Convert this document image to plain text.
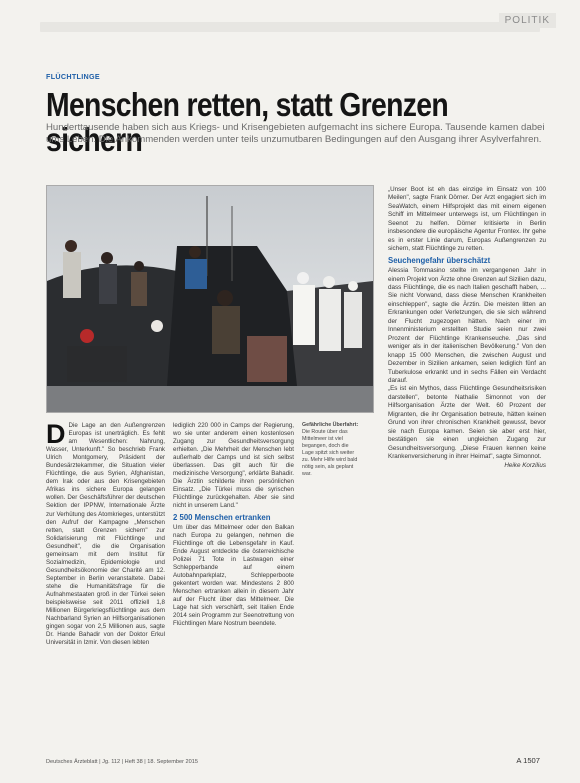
POLITIK
FLÜCHTLINGE
Menschen retten, statt Grenzen sichern
Hunderttausende haben sich aus Kriegs- und Krisengebieten aufgemacht ins sichere Europa. Tausende kamen dabei ums Leben. Die Ankommenden werden unter teils unzumutbaren Bedingungen auf den Ausgang ihrer Asylverfahren.
D Die Lage an den Außengrenzen Europas ist unerträglich. Es fehlt am Wesentlichen: Nahrung, Wasser, Unterkunft." So beschrieb Frank Ulrich Montgomery, Präsident der Bundesärztekammer, die Situation vieler Flüchtlinge, die aus Syrien, Afghanistan, dem Irak oder aus den Krisengebieten Afrikas ins sichere Europa gelangen wollen. Der Geschäftsführer der deutschen Sektion der IPPNW, Internationale Ärzte zur Verhütung des Atomkrieges, unterstützt den Aufruf der Kampagne „Menschen retten, statt Grenzen sichern" zur Solidarisierung mit Flüchtlinge und Gesundheit", die die Organisation gemeinsam mit dem Institut für Sozialmedizin, Epidemiologie und Gesundheitsökonomie der Charité am 12. September in Berlin veranstaltete. Dabei stehe die Humanitätsfrage für die Aufnahmestaaten groß in der Türkei seien beispielsweise seit 2011 offiziell 1,8 Millionen Bürgerkriegsflüchtlinge aus dem Nachbarland Syrien an Hilfsorganisationen gingen sogar von 2,5 Millionen aus, sagte Dr. Hande Bahadir von der Doktor Erkul Universität in Izmir. Von diesen lebten

lediglich 220 000 in Camps der Regierung, wo sie unter anderem einen kostenlosen Zugang zur Gesundheitsversorgung erhielten. „Die Mehrheit der Menschen lebt außerhalb der Camps und ist sich selbst überlassen. Das gilt auch für die medizinische Versorgung", erklärte Bahadir. Die Ärztin schilderte ihren persönlichen Einsatz. „Die Türkei muss die syrischen Flüchtlinge zurückgehalten. Aber sie sind nicht in unserem Land."

2 500 Menschen ertranken

Um über das Mittelmeer oder den Balkan nach Europa zu gelangen, nehmen die Flüchtlinge oft die Lebensgefahr in Kauf. Ende August entdeckte die österreichische Polizei 71 Tote in Lastwagen einer Schlepperbande auf einem Autobahnparkplatz, Schlepperboote gekentert worden war. Mindestens 2 800 Menschen ertranken allein in diesem Jahr auf der Flucht über das Mittelmeer. Die Lage hat sich verschärft, seit Italien Ende 2014 sein Programm zur Seenotrettung von Flüchtlingen Mare Nostrum beendete.

Gefährliche Überfahrt: Die Route über das Mittelmeer ist viel begangen, doch die Lage spitzt sich weiter zu. Mehr Hilfe wird bald nötig sein, als geplant war.

„Unser Boot ist eh das einzige im Einsatz von 100 Meilen", sagte Frank Dörner. Der Arzt engagiert sich im SeaWatch, einem Hilfsprojekt das mit einem eigenen Schiff im Mittelmeer unterwegs ist, um Flüchtlingen in Seenot zu helfen. Dörner kritisierte in Berlin insbesondere die europäische Agentur Frontex. Ihr gehe es in erster Linie darum, Europas Außengrenzen zu sichern, statt Flüchtlinge zu retten.

Seuchengefahr überschätzt

Alessia Tommasino stellte im vergangenen Jahr in einem Projekt von Ärzte ohne Grenzen auf Sizilien dazu, dass Flüchtlinge, die es nach Italien geschafft haben, ... Sie nicht Vorwand, dass diese Menschen Krankheiten einschleppen", sagte die Ärztin. Die meisten litten an Erkrankungen oder Verletzungen, die sie sich während der Flucht zugezogen hätten. Nach einer im Innenministerium erstellten Studie seien nur zwei Prozent der Flüchtlinge Krankenseuche. „Das sind weniger als in der italienischen Bevölkerung." Von den knapp 15 000 Menschen, die zwischen August und Dezember in Sizilien ankamen, seien lediglich fünf an Tuberkulose erkrankt und in sechs Fällen ein Verdacht darauf.

„Es ist ein Mythos, dass Flüchtlinge Gesundheitsrisiken darstellen", betonte Nathalie Simonnot von der Hilfsorganisation Ärzte der Welt. 60 Prozent der Migranten, die ihr Organisation betreute, hätten keinen Grund von ihrer chronischen Krankheit gewusst, bevor sie nach Europa kamen. Seien sie aber erst hier, bestätigen sie einen ungleichen Zugang zur Gesundheitsversorgung. „Diese Frauen kennen keine Krankenversicherung in ihrer Heimat", sagte Simonnot.

Heike Korzilius

Deutsches Ärzteblatt | Jg. 112 | Heft 38 | 18. September 2015	A 1507
